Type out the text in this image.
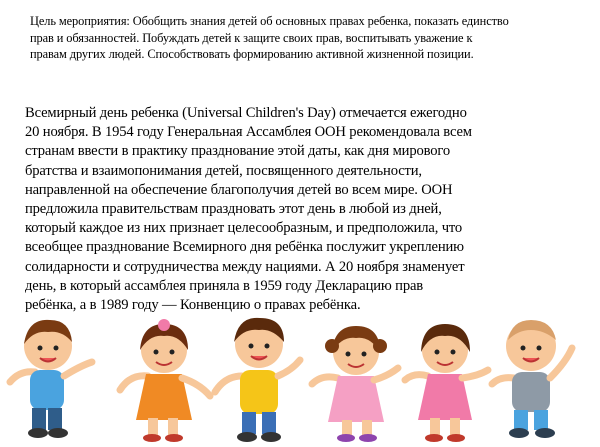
Цель мероприятия: Обобщить знания детей об основных правах ребенка, показать единство
прав и обязанностей. Побуждать детей к защите своих прав, воспитывать уважение к
правам других людей. Способствовать формированию активной жизненной позиции.
Всемирный день ребенка (Universal Children's Day) отмечается ежегодно
20 ноября. В 1954 году Генеральная Ассамблея ООН рекомендовала всем
странам ввести в практику празднование этой даты, как дня мирового
братства и взаимопонимания детей, посвященного деятельности,
направленной на обеспечение благополучия детей во всем мире. ООН
предложила правительствам праздновать этот день в любой из дней,
который каждое из них признает целесообразным, и предположила, что
всеобщее празднование Всемирного дня ребёнка послужит укреплению
солидарности и сотрудничества между нациями. А 20 ноября знаменует
день, в который ассамблея приняла в 1959 году Декларацию прав
ребёнка, а в 1989 году — Конвенцию о правах ребёнка.
